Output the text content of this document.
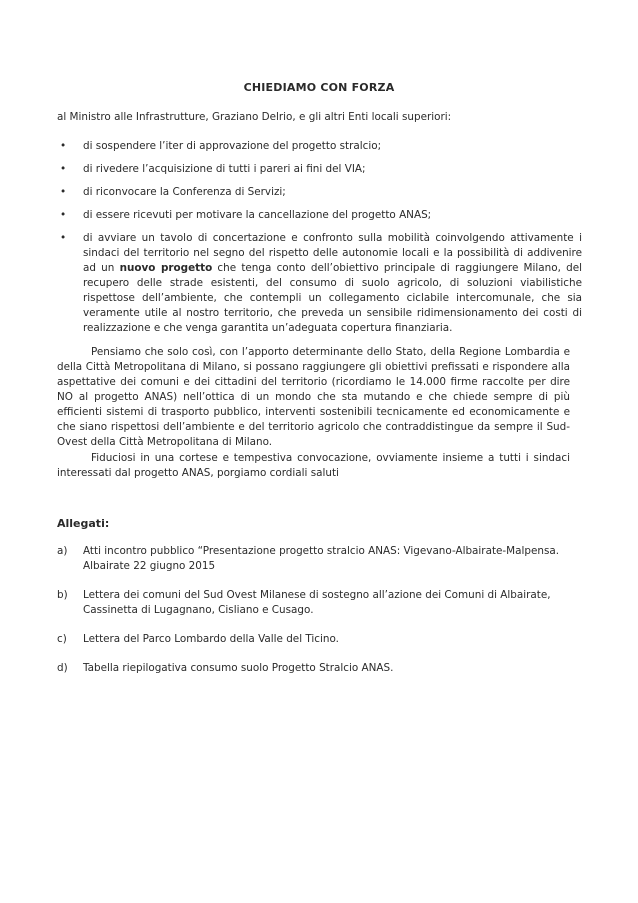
CHIEDIAMO CON FORZA
al Ministro alle Infrastrutture, Graziano Delrio, e gli altri Enti locali superiori:
• di sospendere l’iter di approvazione del progetto stralcio;
• di rivedere l’acquisizione di tutti i pareri ai fini del VIA;
• di riconvocare la Conferenza di Servizi;
• di essere ricevuti per motivare la cancellazione del progetto ANAS;
• di avviare un tavolo di concertazione e confronto sulla mobilità coinvolgendo attivamente i sindaci del territorio nel segno del rispetto delle autonomie locali e la possibilità di addivenire ad un nuovo progetto che tenga conto dell’obiettivo principale di raggiungere Milano, del recupero delle strade esistenti, del consumo di suolo agricolo, di soluzioni viabilistiche rispettose dell’ambiente, che contempli un collegamento ciclabile intercomunale, che sia veramente utile al nostro territorio, che preveda un sensibile ridimensionamento dei costi di realizzazione e che venga garantita un’adeguata copertura finanziaria.
Pensiamo che solo così, con l’apporto determinante dello Stato, della Regione Lombardia e della Città Metropolitana di Milano, si possano raggiungere gli obiettivi prefissati e rispondere alla aspettative dei comuni e dei cittadini del territorio (ricordiamo le 14.000 firme raccolte per dire NO al progetto ANAS) nell’ottica di un mondo che sta mutando e che chiede sempre di più efficienti sistemi di trasporto pubblico, interventi sostenibili tecnicamente ed economicamente e che siano rispettosi dell’ambiente e del territorio agricolo che contraddistingue da sempre il Sud-Ovest della Città Metropolitana di Milano.
Fiduciosi in una cortese e tempestiva convocazione, ovviamente insieme a tutti i sindaci interessati dal progetto ANAS, porgiamo cordiali saluti
Allegati:
a) Atti incontro pubblico “Presentazione progetto stralcio ANAS: Vigevano-Albairate-Malpensa. Albairate 22 giugno 2015
b) Lettera dei comuni del Sud Ovest Milanese di sostegno all’azione dei Comuni di Albairate, Cassinetta di Lugagnano, Cisliano e Cusago.
c) Lettera del Parco Lombardo della Valle del Ticino.
d) Tabella riepilogativa consumo suolo Progetto Stralcio ANAS.
